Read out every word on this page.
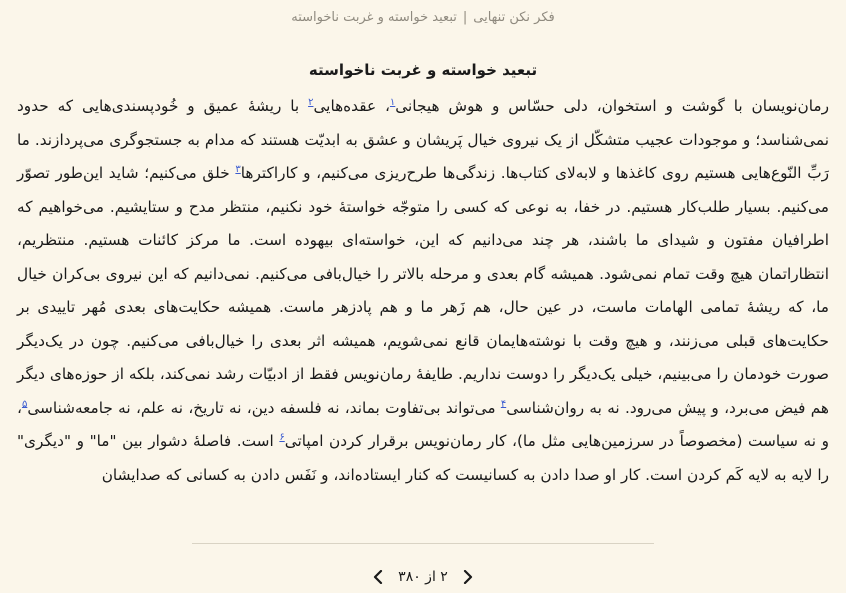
فکر نکن تنهایی
|
تبعید خواسته و غربت ناخواسته
تبعید خواسته و غربت ناخواسته

رمان‌نویسان با گوشت و استخوان، دلی حسّاس و هوش هیجانی$^۱$، عقده‌هایی$^۲$ با ریشهٔ عمیق و خُودپسندی‌هایی که حدود نمی‌شناسد؛ و موجودات عجیب متشکّل از یک نیروی خیال پَریشان و عشق به ابدیّت هستند که مدام به جستجوگری می‌پردازند. ما رَبِّ النّوع‌هایی هستیم روی کاغذها و لابه‌لای کتاب‌ها. زندگی‌ها طرح‌ریزی می‌کنیم، و کاراکترها$^۳$ خلق می‌کنیم؛ شاید این‌طور تصوّر می‌کنیم. بسیار طلب‌کار هستیم. در خفا، به نوعی که کسی را متوجّه خواستهٔ خود نکنیم، منتظر مدح و ستایشیم. می‌خواهیم که اطرافیان مفتون و شیدای ما باشند، هر چند می‌دانیم که این، خواسته‌ای بیهوده است. ما مرکز کائنات هستیم. منتظریم، انتظاراتمان هیچ وقت تمام نمی‌شود. همیشه گام بعدی و مرحله بالاتر را خیال‌بافی می‌کنیم. نمی‌دانیم که این نیروی بی‌کران خیال ما، که ریشهٔ تمامی الهامات ماست، در عین حال، هم زَهر ما و هم پادزهر ماست. همیشه حکایت‌های بعدی مُهر تاییدی بر حکایت‌های قبلی می‌زنند، و هیچ وقت با نوشته‌هایمان قانع نمی‌شویم، همیشه اثر بعدی را خیال‌بافی می‌کنیم. چون در یک‌دیگر صورت خودمان را می‌بینیم، خیلی یک‌دیگر را دوست نداریم. طایفهٔ رمان‌نویس فقط از ادبیّات رشد نمی‌کند، بلکه از حوزه‌های دیگر هم فیض می‌برد، و پیش می‌رود. نه به روان‌شناسی$^۴$ می‌تواند بی‌تفاوت بماند، نه فلسفه دین، نه تاریخ، نه علم، نه جامعه‌شناسی$^۵$، و نه سیاست (مخصوصاً در سرزمین‌هایی مثل ما)، کار رمان‌نویس برقرار کردن امپاتی$^۶$ است. فاصلهٔ دشوار بین "ما" و "دیگری" را لایه به لایه کَم کردن است. کار او صدا دادن به کسانیست که کنار ایستاده‌اند، و نَفَس دادن به کسانی که صدایشان

۲ از ۳۸۰
